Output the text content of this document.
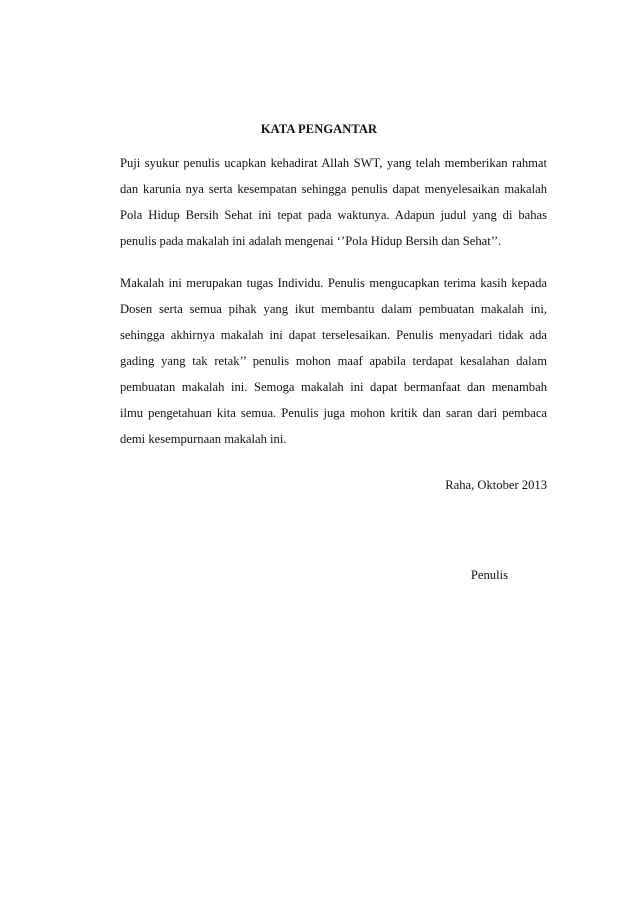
KATA PENGANTAR
Puji syukur penulis ucapkan kehadirat Allah SWT, yang telah memberikan rahmat
dan karunia nya serta kesempatan sehingga penulis dapat menyelesaikan makalah
Pola Hidup Bersih Sehat ini tepat pada waktunya. Adapun judul yang di bahas
penulis pada makalah ini adalah mengenai ‘’Pola Hidup Bersih dan Sehat’’.
Makalah ini merupakan tugas Individu. Penulis mengucapkan terima kasih kepada
Dosen serta semua pihak yang ikut membantu dalam pembuatan makalah ini,
sehingga akhirnya makalah ini dapat terselesaikan. Penulis menyadari tidak ada
gading yang tak retak’’ penulis mohon maaf apabila terdapat kesalahan dalam
pembuatan makalah ini. Semoga makalah ini dapat bermanfaat dan menambah
ilmu pengetahuan kita semua. Penulis juga mohon kritik dan saran dari pembaca
demi kesempurnaan makalah ini.
Raha, Oktober 2013
Penulis
